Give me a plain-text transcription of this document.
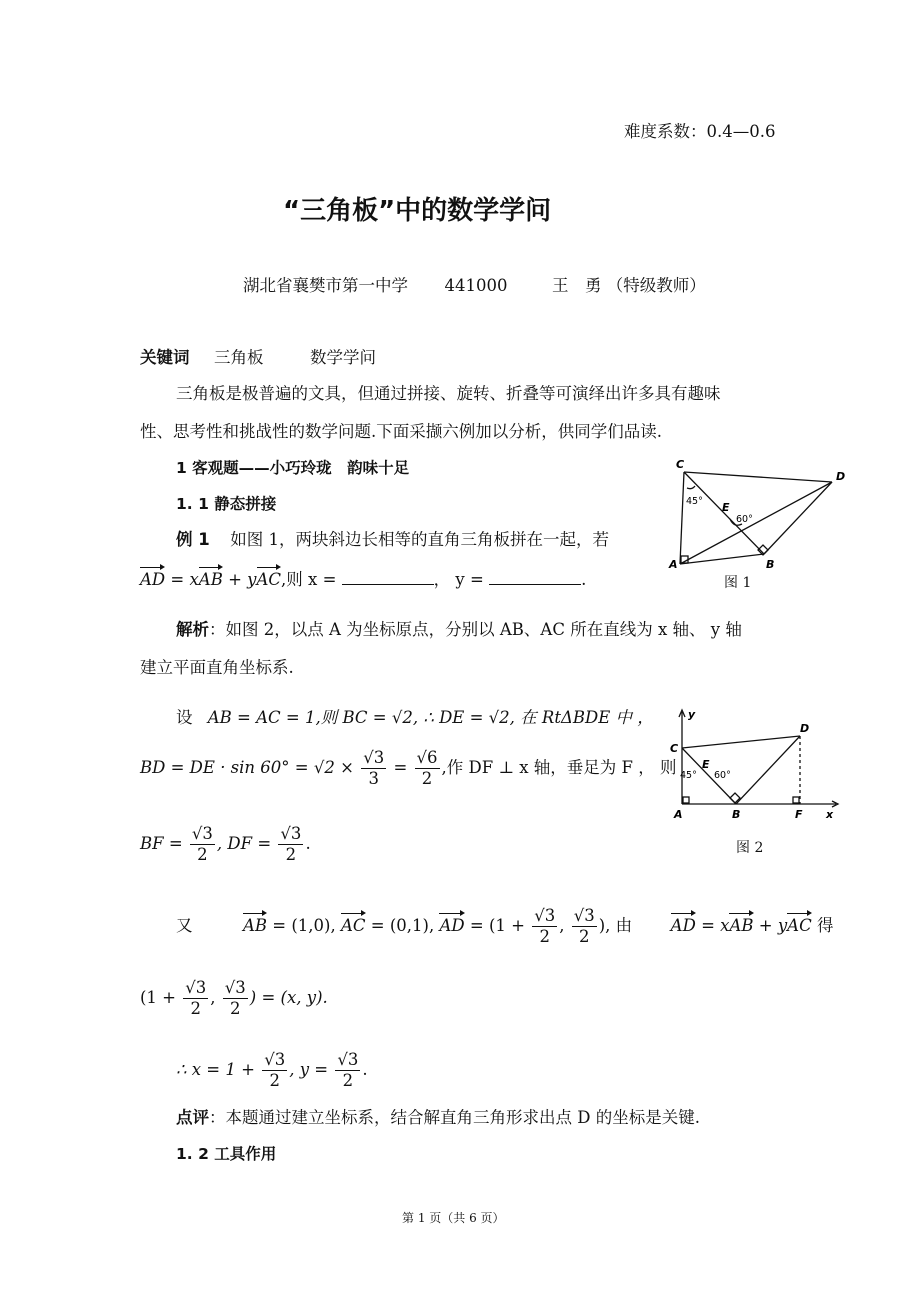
难度系数：0.4—0.6
“三角板”中的数学学问
湖北省襄樊市第一中学 441000	王　勇 （特级教师）
关键词 三角板	数学学问
三角板是极普遍的文具，但通过拼接、旋转、折叠等可演绎出许多具有趣味
性、思考性和挑战性的数学问题.下面采撷六例加以分析，供同学们品读.
1 客观题——小巧玲珑　韵味十足
1. 1 静态拼接
例 1 如图 1，两块斜边长相等的直角三角板拼在一起，若
AD = xAB + yAC,则 x =	， y =	.
C
D
E
A	B
45°
60°
图 1
解析：如图 2，以点 A 为坐标原点，分别以 AB、AC 所在直线为 x 轴、 y 轴
建立平面直角坐标系.
设 AB = AC = 1,则 BC = √2, ∴ DE = √2, 在 RtΔBDE 中 ，
BD = DE · $\sin 60^\circ = √2 \times \frac{√3}{3} = \frac{√6}{2}$ ,作 DF ⊥ x 轴，垂足为 F ， 则
BF = $\frac{√3}{2}$ , DF = $\frac{√3}{2}$ .
y
C
D
E
A	B	F x
45° 60°
图 2
又	AB = (1,0), AC = (0,1), AD = ($1 + \frac{√3}{2}$ , $\frac{√3}{2}$ ), 由 AD = xAB + yAC 得
($1 + \frac{√3}{2}$ , $\frac{√3}{2}$ ) = (x, y).
∴ $x = 1 + \frac{√3}{2}$ , $y = \frac{√3}{2}$ .
点评：本题通过建立坐标系，结合解直角三角形求出点 D 的坐标是关键.
1. 2 工具作用
第 1 页（共 6 页）
